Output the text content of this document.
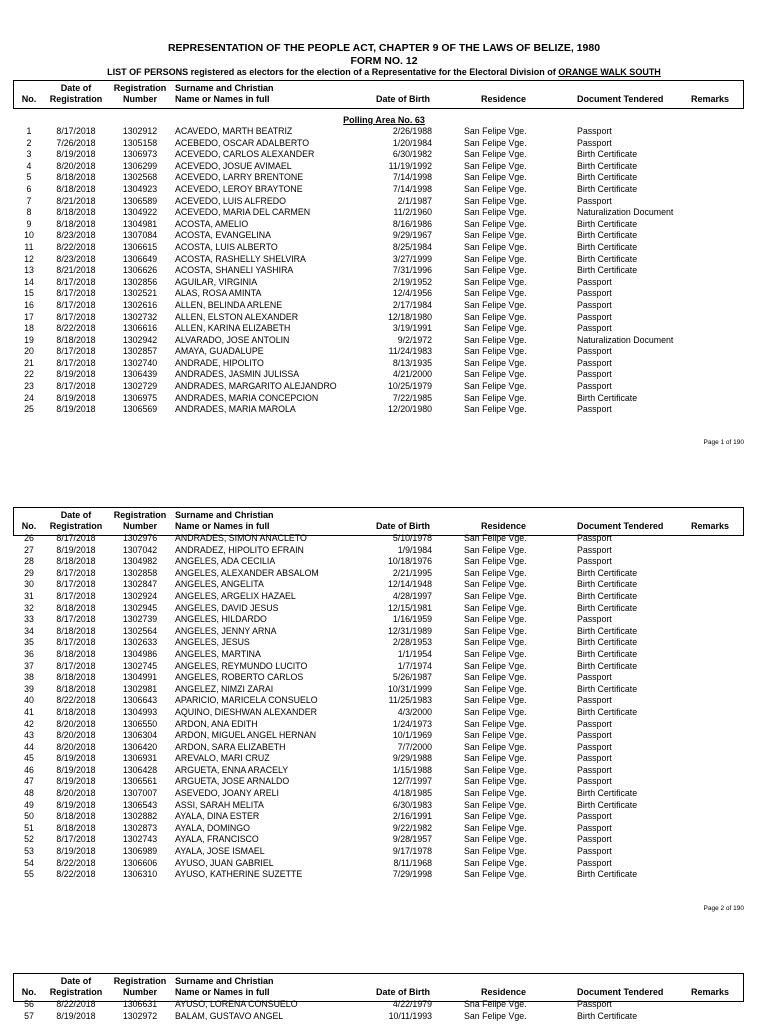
REPRESENTATION OF THE PEOPLE ACT, CHAPTER 9 OF THE LAWS OF BELIZE, 1980
FORM NO. 12
LIST OF PERSONS registered as electors for the election of a Representative for the Electoral Division of ORANGE WALK SOUTH
No.
Date of
Registration
Registration
Number
Surname and Christian
Name or Names in full	Date of Birth	Residence	Document Tendered	Remarks
Polling Area No. 63
1	8/17/2018	1302912	ACAVEDO, MARTH BEATRIZ	2/26/1988	San Felipe Vge.	Passport
2	7/26/2018	1305158	ACEBEDO, OSCAR ADALBERTO	1/20/1984	San Felipe Vge.	Passport
3	8/19/2018	1306973	ACEVEDO, CARLOS ALEXANDER	6/30/1982	San Felipe Vge.	Birth Certificate
4	8/20/2018	1306299	ACEVEDO, JOSUE AVIMAEL	11/19/1992	San Felipe Vge.	Birth Certificate
5	8/18/2018	1302568	ACEVEDO, LARRY BRENTONE	7/14/1998	San Felipe Vge.	Birth Certificate
6	8/18/2018	1304923	ACEVEDO, LEROY BRAYTONE	7/14/1998	San Felipe Vge.	Birth Certificate
7	8/21/2018	1306589	ACEVEDO, LUIS ALFREDO	2/1/1987	San Felipe Vge.	Passport
8	8/18/2018	1304922	ACEVEDO, MARIA DEL CARMEN	11/2/1960	San Felipe Vge.	Naturalization Document
9	8/18/2018	1304981	ACOSTA, AMELIO	8/16/1986	San Felipe Vge.	Birth Certificate
10	8/23/2018	1307084	ACOSTA, EVANGELINA	9/29/1967	San Felipe Vge.	Birth Certificate
11	8/22/2018	1306615	ACOSTA, LUIS ALBERTO	8/25/1984	San Felipe Vge.	Birth Certificate
12	8/23/2018	1306649	ACOSTA, RASHELLY SHELVIRA	3/27/1999	San Felipe Vge.	Birth Certificate
13	8/21/2018	1306626	ACOSTA, SHANELI YASHIRA	7/31/1996	San Felipe Vge.	Birth Certificate
14	8/17/2018	1302856	AGUILAR, VIRGINIA	2/19/1952	San Felipe Vge.	Passport
15	8/17/2018	1302521	ALAS, ROSA AMINTA	12/4/1956	San Felipe Vge.	Passport
16	8/17/2018	1302616	ALLEN, BELINDA ARLENE	2/17/1984	San Felipe Vge.	Passport
17	8/17/2018	1302732	ALLEN, ELSTON ALEXANDER	12/18/1980	San Felipe Vge.	Passport
18	8/22/2018	1306616	ALLEN, KARINA ELIZABETH	3/19/1991	San Felipe Vge.	Passport
19	8/18/2018	1302942	ALVARADO, JOSE ANTOLIN	9/2/1972	San Felipe Vge.	Naturalization Document
20	8/17/2018	1302857	AMAYA, GUADALUPE	11/24/1983	San Felipe Vge.	Passport
21	8/17/2018	1302740	ANDRADE, HIPOLITO	8/13/1935	San Felipe Vge.	Passport
22	8/19/2018	1306439	ANDRADES, JASMIN JULISSA	4/21/2000	San Felipe Vge.	Passport
23	8/17/2018	1302729	ANDRADES, MARGARITO ALEJANDRO	10/25/1979	San Felipe Vge.	Passport
24	8/19/2018	1306975	ANDRADES, MARIA CONCEPCION	7/22/1985	San Felipe Vge.	Birth Certificate
25	8/19/2018	1306569	ANDRADES, MARIA MAROLA	12/20/1980	San Felipe Vge.	Passport
Page 1 of 190
No.
Date of
Registration
Registration
Number
Surname and Christian
Name or Names in full	Date of Birth	Residence	Document Tendered	Remarks
26	8/17/2018	1302976	ANDRADES, SIMON ANACLETO	5/10/1978	San Felipe Vge.	Passport
27	8/19/2018	1307042	ANDRADEZ, HIPOLITO EFRAIN	1/9/1984	San Felipe Vge.	Passport
28	8/18/2018	1304982	ANGELES, ADA CECILIA	10/18/1976	San Felipe Vge.	Passport
29	8/17/2018	1302858	ANGELES, ALEXANDER ABSALOM	2/21/1995	San Felipe Vge.	Birth Certificate
30	8/17/2018	1302847	ANGELES, ANGELITA	12/14/1948	San Felipe Vge.	Birth Certificate
31	8/17/2018	1302924	ANGELES, ARGELIX HAZAEL	4/28/1997	San Felipe Vge.	Birth Certificate
32	8/18/2018	1302945	ANGELES, DAVID JESUS	12/15/1981	San Felipe Vge.	Birth Certificate
33	8/17/2018	1302739	ANGELES, HILDARDO	1/16/1959	San Felipe Vge.	Passport
34	8/18/2018	1302564	ANGELES, JENNY ARNA	12/31/1989	San Felipe Vge.	Birth Certificate
35	8/17/2018	1302633	ANGELES, JESUS	2/28/1953	San Felipe Vge.	Birth Certificate
36	8/18/2018	1304986	ANGELES, MARTINA	1/1/1954	San Felipe Vge.	Birth Certificate
37	8/17/2018	1302745	ANGELES, REYMUNDO LUCITO	1/7/1974	San Felipe Vge.	Birth Certificate
38	8/18/2018	1304991	ANGELES, ROBERTO CARLOS	5/26/1987	San Felipe Vge.	Passport
39	8/18/2018	1302981	ANGELEZ, NIMZI ZARAI	10/31/1999	San Felipe Vge.	Birth Certificate
40	8/22/2018	1306643	APARICIO, MARICELA CONSUELO	11/25/1983	San Felipe Vge.	Passport
41	8/18/2018	1304993	AQUINO, DIESHWAN ALEXANDER	4/3/2000	San Felipe Vge.	Birth Certificate
42	8/20/2018	1306550	ARDON, ANA EDITH	1/24/1973	San Felipe Vge.	Passport
43	8/20/2018	1306304	ARDON, MIGUEL ANGEL HERNAN	10/1/1969	San Felipe Vge.	Passport
44	8/20/2018	1306420	ARDON, SARA ELIZABETH	7/7/2000	San Felipe Vge.	Passport
45	8/19/2018	1306931	AREVALO, MARI CRUZ	9/29/1988	San Felipe Vge.	Passport
46	8/19/2018	1306428	ARGUETA, ENNA ARACELY	1/15/1988	San Felipe Vge.	Passport
47	8/19/2018	1306561	ARGUETA, JOSE ARNALDO	12/7/1997	San Felipe Vge.	Passport
48	8/20/2018	1307007	ASEVEDO, JOANY ARELI	4/18/1985	San Felipe Vge.	Birth Certificate
49	8/19/2018	1306543	ASSI, SARAH MELITA	6/30/1983	San Felipe Vge.	Birth Certificate
50	8/18/2018	1302882	AYALA, DINA ESTER	2/16/1991	San Felipe Vge.	Passport
51	8/18/2018	1302873	AYALA, DOMINGO	9/22/1982	San Felipe Vge.	Passport
52	8/17/2018	1302743	AYALA, FRANCISCO	9/28/1957	San Felipe Vge.	Passport
53	8/19/2018	1306989	AYALA, JOSE ISMAEL	9/17/1978	San Felipe Vge.	Passport
54	8/22/2018	1306606	AYUSO, JUAN GABRIEL	8/11/1968	San Felipe Vge.	Passport
55	8/22/2018	1306310	AYUSO, KATHERINE SUZETTE	7/29/1998	San Felipe Vge.	Birth Certificate
Page 2 of 190
No.
Date of
Registration
Registration
Number
Surname and Christian
Name or Names in full	Date of Birth	Residence	Document Tendered	Remarks
56	8/22/2018	1306631	AYUSO, LORENA CONSUELO	4/22/1979	Sna Felipe Vge.	Passport
57	8/19/2018	1302972	BALAM, GUSTAVO ANGEL	10/11/1993	San Felipe Vge.	Birth Certificate
